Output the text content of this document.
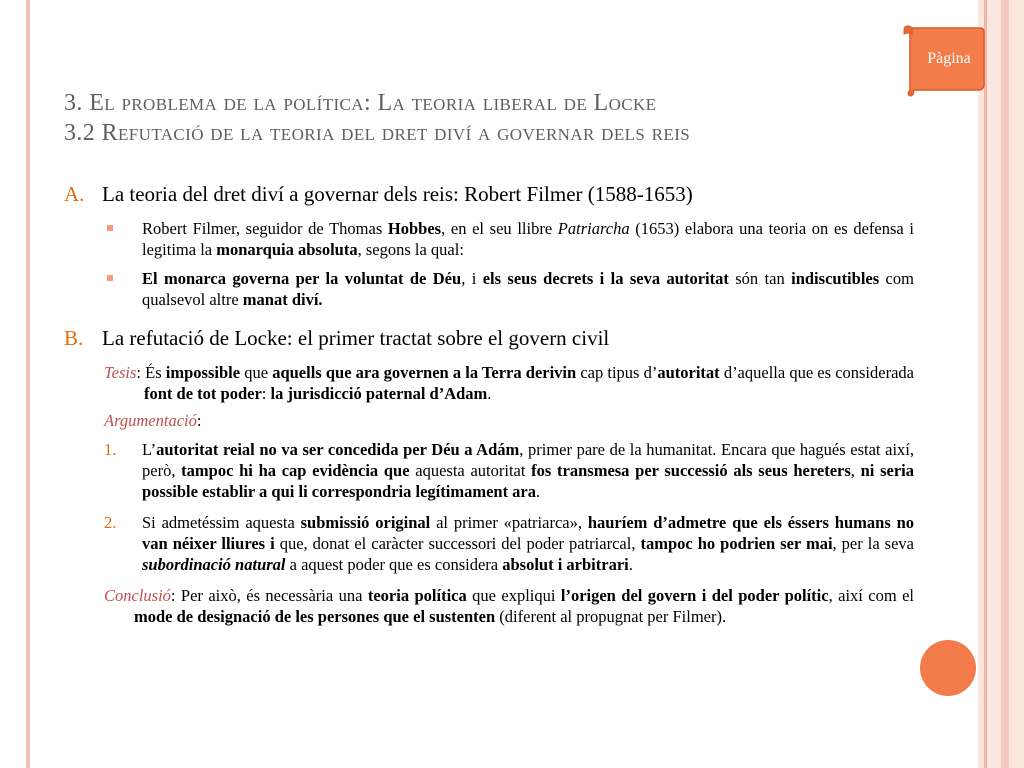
Pàgina
3. El problema de la política: La teoria liberal de Locke
3.2 Refutació de la teoria del dret diví a governar dels reis
A. La teoria del dret diví a governar dels reis: Robert Filmer (1588-1653)
Robert Filmer, seguidor de Thomas Hobbes, en el seu llibre Patriarcha (1653) elabora una teoria on es defensa i legitima la monarquia absoluta, segons la qual:
El monarca governa per la voluntat de Déu, i els seus decrets i la seva autoritat són tan indiscutibles com qualsevol altre manat diví.
B. La refutació de Locke: el primer tractat sobre el govern civil
Tesis: És impossible que aquells que ara governen a la Terra derivin cap tipus d’autoritat d’aquella que es considerada font de tot poder: la jurisdicció paternal d’Adam.
Argumentació:
1. L’autoritat reial no va ser concedida per Déu a Adám, primer pare de la humanitat. Encara que hagués estat així, però, tampoc hi ha cap evidència que aquesta autoritat fos transmesa per successió als seus hereters, ni seria possible establir a qui li correspondria legítimament ara.
2. Si admetéssim aquesta submissió original al primer «patriarca», hauríem d’admetre que els éssers humans no van néixer lliures i que, donat el caràcter successori del poder patriarcal, tampoc ho podrien ser mai, per la seva subordinació natural a aquest poder que es considera absolut i arbitrari.
Conclusió: Per això, és necessària una teoria política que expliqui l’origen del govern i del poder polític, així com el mode de designació de les persones que el sustenten (diferent al propugnat per Filmer).
